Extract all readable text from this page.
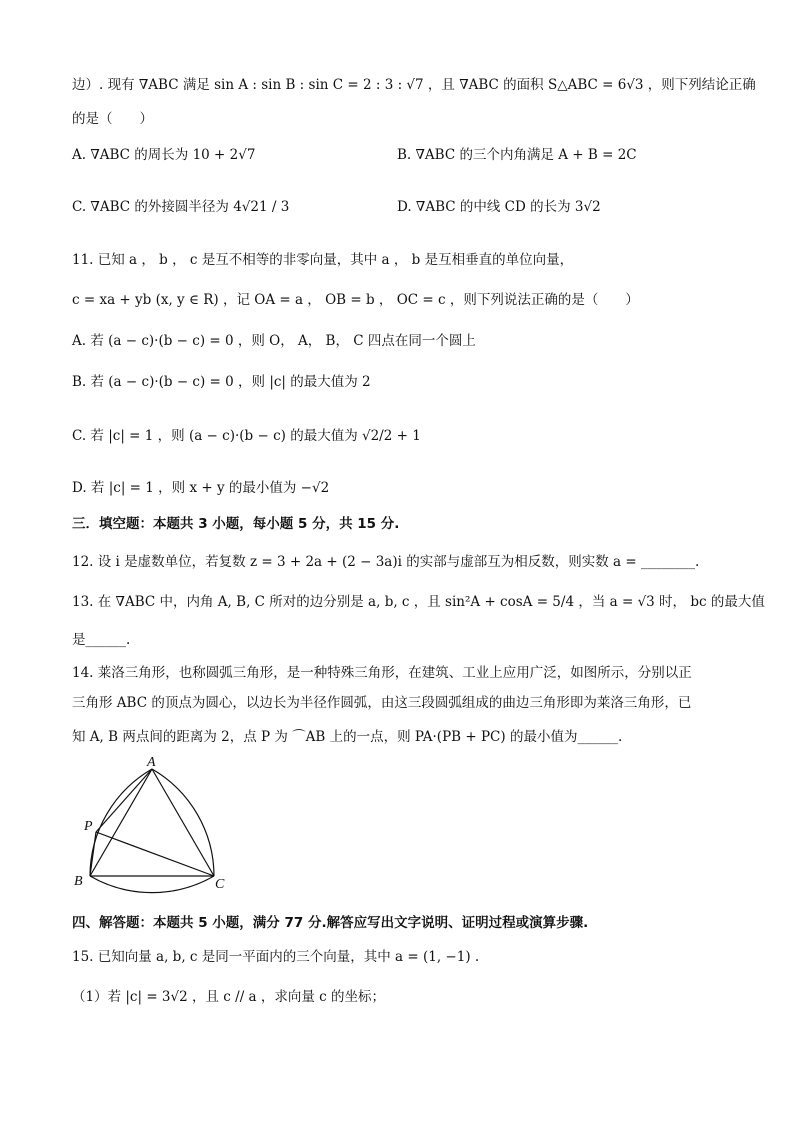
边）. 现有 ∇ABC 满足 sin A : sin B : sin C = 2 : 3 : √7 ，且 ∇ABC 的面积 S△ABC = 6√3 ，则下列结论正确
的是（　　）
A. ∇ABC 的周长为 10 + 2√7	B. ∇ABC 的三个内角满足 A + B = 2C
C. ∇ABC 的外接圆半径为 4√21 / 3	D. ∇ABC 的中线 CD 的长为 3√2
11. 已知 a ， b ， c 是互不相等的非零向量，其中 a ， b 是互相垂直的单位向量，
c = xa + yb (x, y ∈ R) ，记 OA = a ， OB = b ， OC = c ，则下列说法正确的是（　　）
A. 若 (a − c)·(b − c) = 0 ，则 O， A， B， C 四点在同一个圆上
B. 若 (a − c)·(b − c) = 0 ，则 |c| 的最大值为 2
C. 若 |c| = 1 ，则 (a − c)·(b − c) 的最大值为 √2/2 + 1
D. 若 |c| = 1 ，则 x + y 的最小值为 −√2
三．填空题：本题共 3 小题，每小题 5 分，共 15 分.
12. 设 i 是虚数单位，若复数 z = 3 + 2a + (2 − 3a)i 的实部与虚部互为相反数，则实数 a = ________.
13. 在 ∇ABC 中，内角 A, B, C 所对的边分别是 a, b, c ，且 sin²A + cosA = 5/4 ，当 a = √3 时， bc 的最大值
是______.
14. 莱洛三角形，也称圆弧三角形，是一种特殊三角形，在建筑、工业上应用广泛，如图所示，分别以正
三角形 ABC 的顶点为圆心，以边长为半径作圆弧，由这三段圆弧组成的曲边三角形即为莱洛三角形，已
知 A, B 两点间的距离为 2，点 P 为 ⌒AB 上的一点，则 PA·(PB + PC) 的最小值为______.
A
B	C
P
四、解答题：本题共 5 小题，满分 77 分.解答应写出文字说明、证明过程或演算步骤.
15. 已知向量 a, b, c 是同一平面内的三个向量，其中 a = (1, −1) .
（1）若 |c| = 3√2 ，且 c // a ，求向量 c 的坐标；
